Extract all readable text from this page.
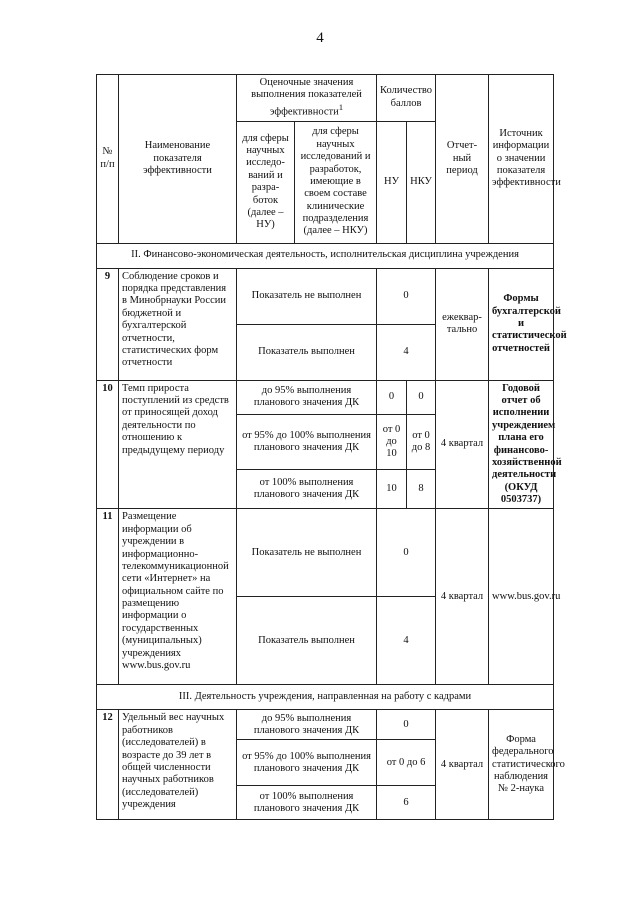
4
№ п/п	Наименование показателя эффективности	Оценочные значения выполнения показателей эффективности$^1$		Количество баллов		Отчет-ный период	Источник информации о значении показателя эффективности
		для сферы научных исследо-ваний и разра-боток (далее – НУ)	для сферы научных исследований и разработок, имеющие в своем составе клинические подразделения (далее – НКУ)	НУ	НКУ		
II. Финансово-экономическая деятельность, исполнительская дисциплина учреждения							
9	Соблюдение сроков и порядка представления в Минобрнауки России бюджетной и бухгалтерской отчетности, статистических форм отчетности	Показатель не выполнен		0		ежеквар-тально	Формы бухгалтерской и статистической отчетностей
		Показатель выполнен		4			
10	Темп прироста поступлений из средств от приносящей доход деятельности по отношению к предыдущему периоду	до 95% выполнения планового значения ДК		0	0	4 квартал	Годовой отчет об исполнении учреждением плана его финансово-хозяйственной деятельности (ОКУД 0503737)
		от 95% до 100% выполнения планового значения ДК		от 0 до 10	от 0 до 8		
		от 100% выполнения планового значения ДК		10	8		
11	Размещение информации об учреждении в информационно-телекоммуникационной сети «Интернет» на официальном сайте по размещению информации о государственных (муниципальных) учреждениях www.bus.gov.ru	Показатель не выполнен		0		4 квартал	www.bus.gov.ru
		Показатель выполнен		4			
III. Деятельность учреждения, направленная на работу с кадрами							
12	Удельный вес научных работников (исследователей) в возрасте до 39 лет в общей численности научных работников (исследователей) учреждения	до 95% выполнения планового значения ДК		0		4 квартал	Форма федерального статистического наблюдения № 2-наука
		от 95% до 100% выполнения планового значения ДК		от 0 до 6			
		от 100% выполнения планового значения ДК		6			
